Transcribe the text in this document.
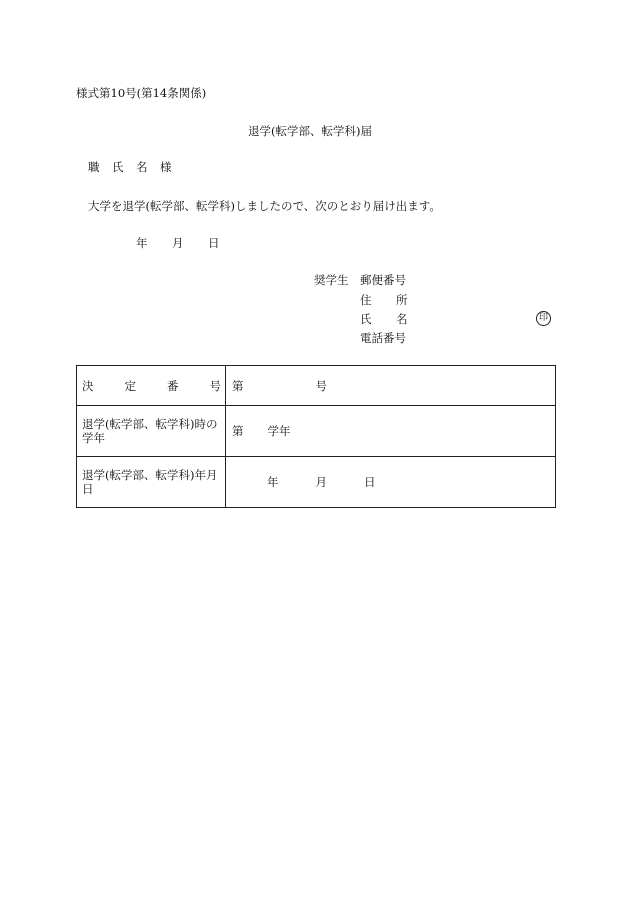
様式第10号(第14条関係)
退学(転学部、転学科)届
職 氏 名 様
大学を退学(転学部、転学科)しましたので、次のとおり届け出ます。
年 月 日
奨学生 郵便番号
住 所
氏 名
電話番号
印
決 定 番 号	第 号
退学(転学部、転学科)時の学年	第 学年
退学(転学部、転学科)年月日	年 月 日
